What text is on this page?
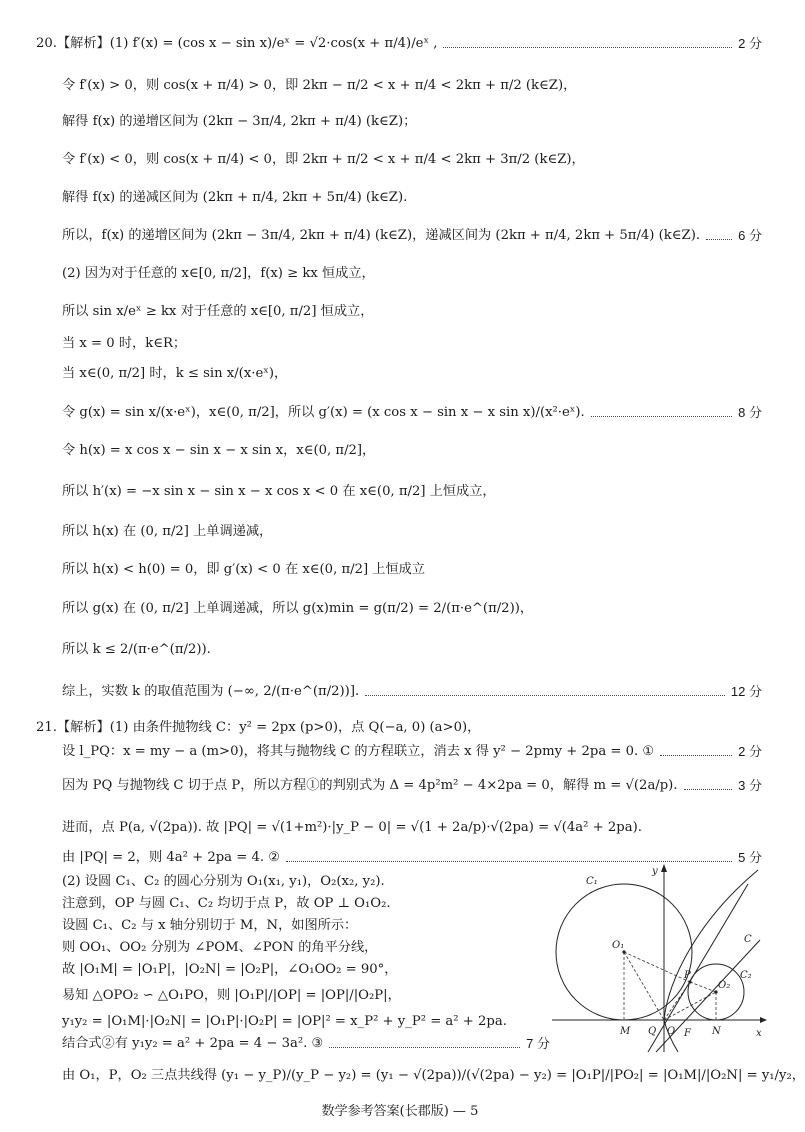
20.【解析】(1) f′(x) = (cos x − sin x)/eˣ = √2·cos(x + π/4)/eˣ ,	2 分
令 f′(x) > 0，则 cos(x + π/4) > 0，即 2kπ − π/2 < x + π/4 < 2kπ + π/2 (k∈Z)，
解得 f(x) 的递增区间为 (2kπ − 3π/4, 2kπ + π/4) (k∈Z)；
令 f′(x) < 0，则 cos(x + π/4) < 0，即 2kπ + π/2 < x + π/4 < 2kπ + 3π/2 (k∈Z)，
解得 f(x) 的递减区间为 (2kπ + π/4, 2kπ + 5π/4) (k∈Z).
所以，f(x) 的递增区间为 (2kπ − 3π/4, 2kπ + π/4) (k∈Z)，递减区间为 (2kπ + π/4, 2kπ + 5π/4) (k∈Z).	6 分
(2) 因为对于任意的 x∈[0, π/2]，f(x) ≥ kx 恒成立，
所以 sin x/eˣ ≥ kx 对于任意的 x∈[0, π/2] 恒成立，
当 x = 0 时，k∈R；
当 x∈(0, π/2] 时，k ≤ sin x/(x·eˣ)，
令 g(x) = sin x/(x·eˣ)，x∈(0, π/2]，所以 g′(x) = (x cos x − sin x − x sin x)/(x²·eˣ).	8 分
令 h(x) = x cos x − sin x − x sin x，x∈(0, π/2]，
所以 h′(x) = −x sin x − sin x − x cos x < 0 在 x∈(0, π/2] 上恒成立，
所以 h(x) 在 (0, π/2] 上单调递减，
所以 h(x) < h(0) = 0，即 g′(x) < 0 在 x∈(0, π/2] 上恒成立
所以 g(x) 在 (0, π/2] 上单调递减，所以 g(x)min = g(π/2) = 2/(π·e^(π/2))，
所以 k ≤ 2/(π·e^(π/2)).
综上，实数 k 的取值范围为 (−∞, 2/(π·e^(π/2))].	12 分
21.【解析】(1) 由条件抛物线 C：y² = 2px (p>0)，点 Q(−a, 0) (a>0)，
设 l_PQ：x = my − a (m>0)，将其与抛物线 C 的方程联立，消去 x 得 y² − 2pmy + 2pa = 0. ①	2 分
因为 PQ 与抛物线 C 切于点 P，所以方程①的判别式为 Δ = 4p²m² − 4×2pa = 0，解得 m = √(2a/p).	3 分
进而，点 P(a, √(2pa)). 故 |PQ| = √(1+m²)·|y_P − 0| = √(1 + 2a/p)·√(2pa) = √(4a² + 2pa).
由 |PQ| = 2，则 4a² + 2pa = 4. ②	5 分
(2) 设圆 C₁、C₂ 的圆心分别为 O₁(x₁, y₁)，O₂(x₂, y₂).
注意到，OP 与圆 C₁、C₂ 均切于点 P，故 OP ⊥ O₁O₂.
设圆 C₁、C₂ 与 x 轴分别切于 M，N，如图所示：
则 OO₁、OO₂ 分别为 ∠POM、∠PON 的角平分线，
故 |O₁M| = |O₁P|，|O₂N| = |O₂P|，∠O₁OO₂ = 90°，
易知 △OPO₂ ∽ △O₁PO，则 |O₁P|/|OP| = |OP|/|O₂P|，
y₁y₂ = |O₁M|·|O₂N| = |O₁P|·|O₂P| = |OP|² = x_P² + y_P² = a² + 2pa.
结合式②有 y₁y₂ = a² + 2pa = 4 − 3a². ③	7 分
由 O₁，P，O₂ 三点共线得 (y₁ − y_P)/(y_P − y₂) = (y₁ − √(2pa))/(√(2pa) − y₂) = |O₁P|/|PO₂| = |O₁M|/|O₂N| = y₁/y₂，
C₁
C₂
C
O₁
O₂
P
M Q O F N	x
y
数学参考答案(长郡版) — 5
